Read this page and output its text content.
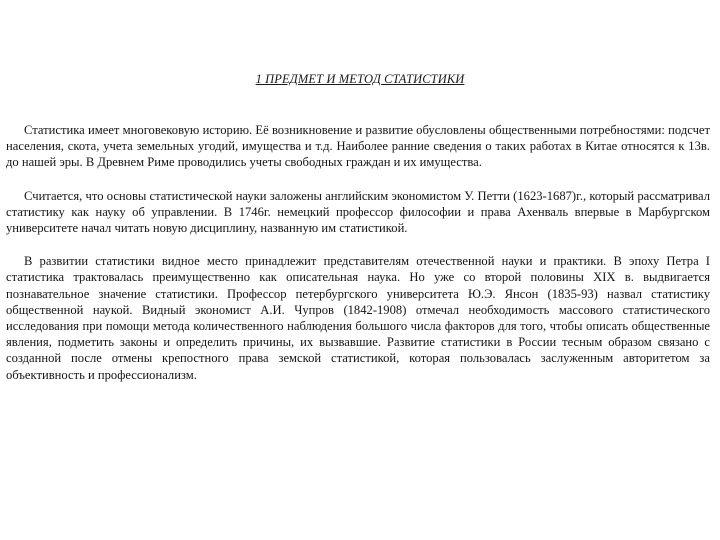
1 ПРЕДМЕТ И МЕТОД СТАТИСТИКИ

Статистика имеет многовековую историю. Её возникновение и развитие обусловлены общественными потребностями: подсчет населения, скота, учета земельных угодий, имущества и т.д. Наиболее ранние сведения о таких работах в Китае относятся к 13в. до нашей эры. В Древнем Риме проводились учеты свободных граждан и их имущества.

Считается, что основы статистической науки заложены английским экономистом У. Петти (1623-1687)г., который рассматривал статистику как науку об управлении. В 1746г. немецкий профессор философии и права Ахенваль впервые в Марбургском университете начал читать новую дисциплину, названную им статистикой.

В развитии статистики видное место принадлежит представителям отечественной науки и практики. В эпоху Петра I статистика трактовалась преимущественно как описательная наука. Но уже со второй половины XIX в. выдвигается познавательное значение статистики. Профессор петербургского университета Ю.Э. Янсон (1835-93) назвал статистику общественной наукой. Видный экономист А.И. Чупров (1842-1908) отмечал необходимость массового статистического исследования при помощи метода количественного наблюдения большого числа факторов для того, чтобы описать общественные явления, подметить законы и определить причины, их вызвавшие. Развитие статистики в России тесным образом связано с созданной после отмены крепостного права земской статистикой, которая пользовалась заслуженным авторитетом за объективность и профессионализм.
